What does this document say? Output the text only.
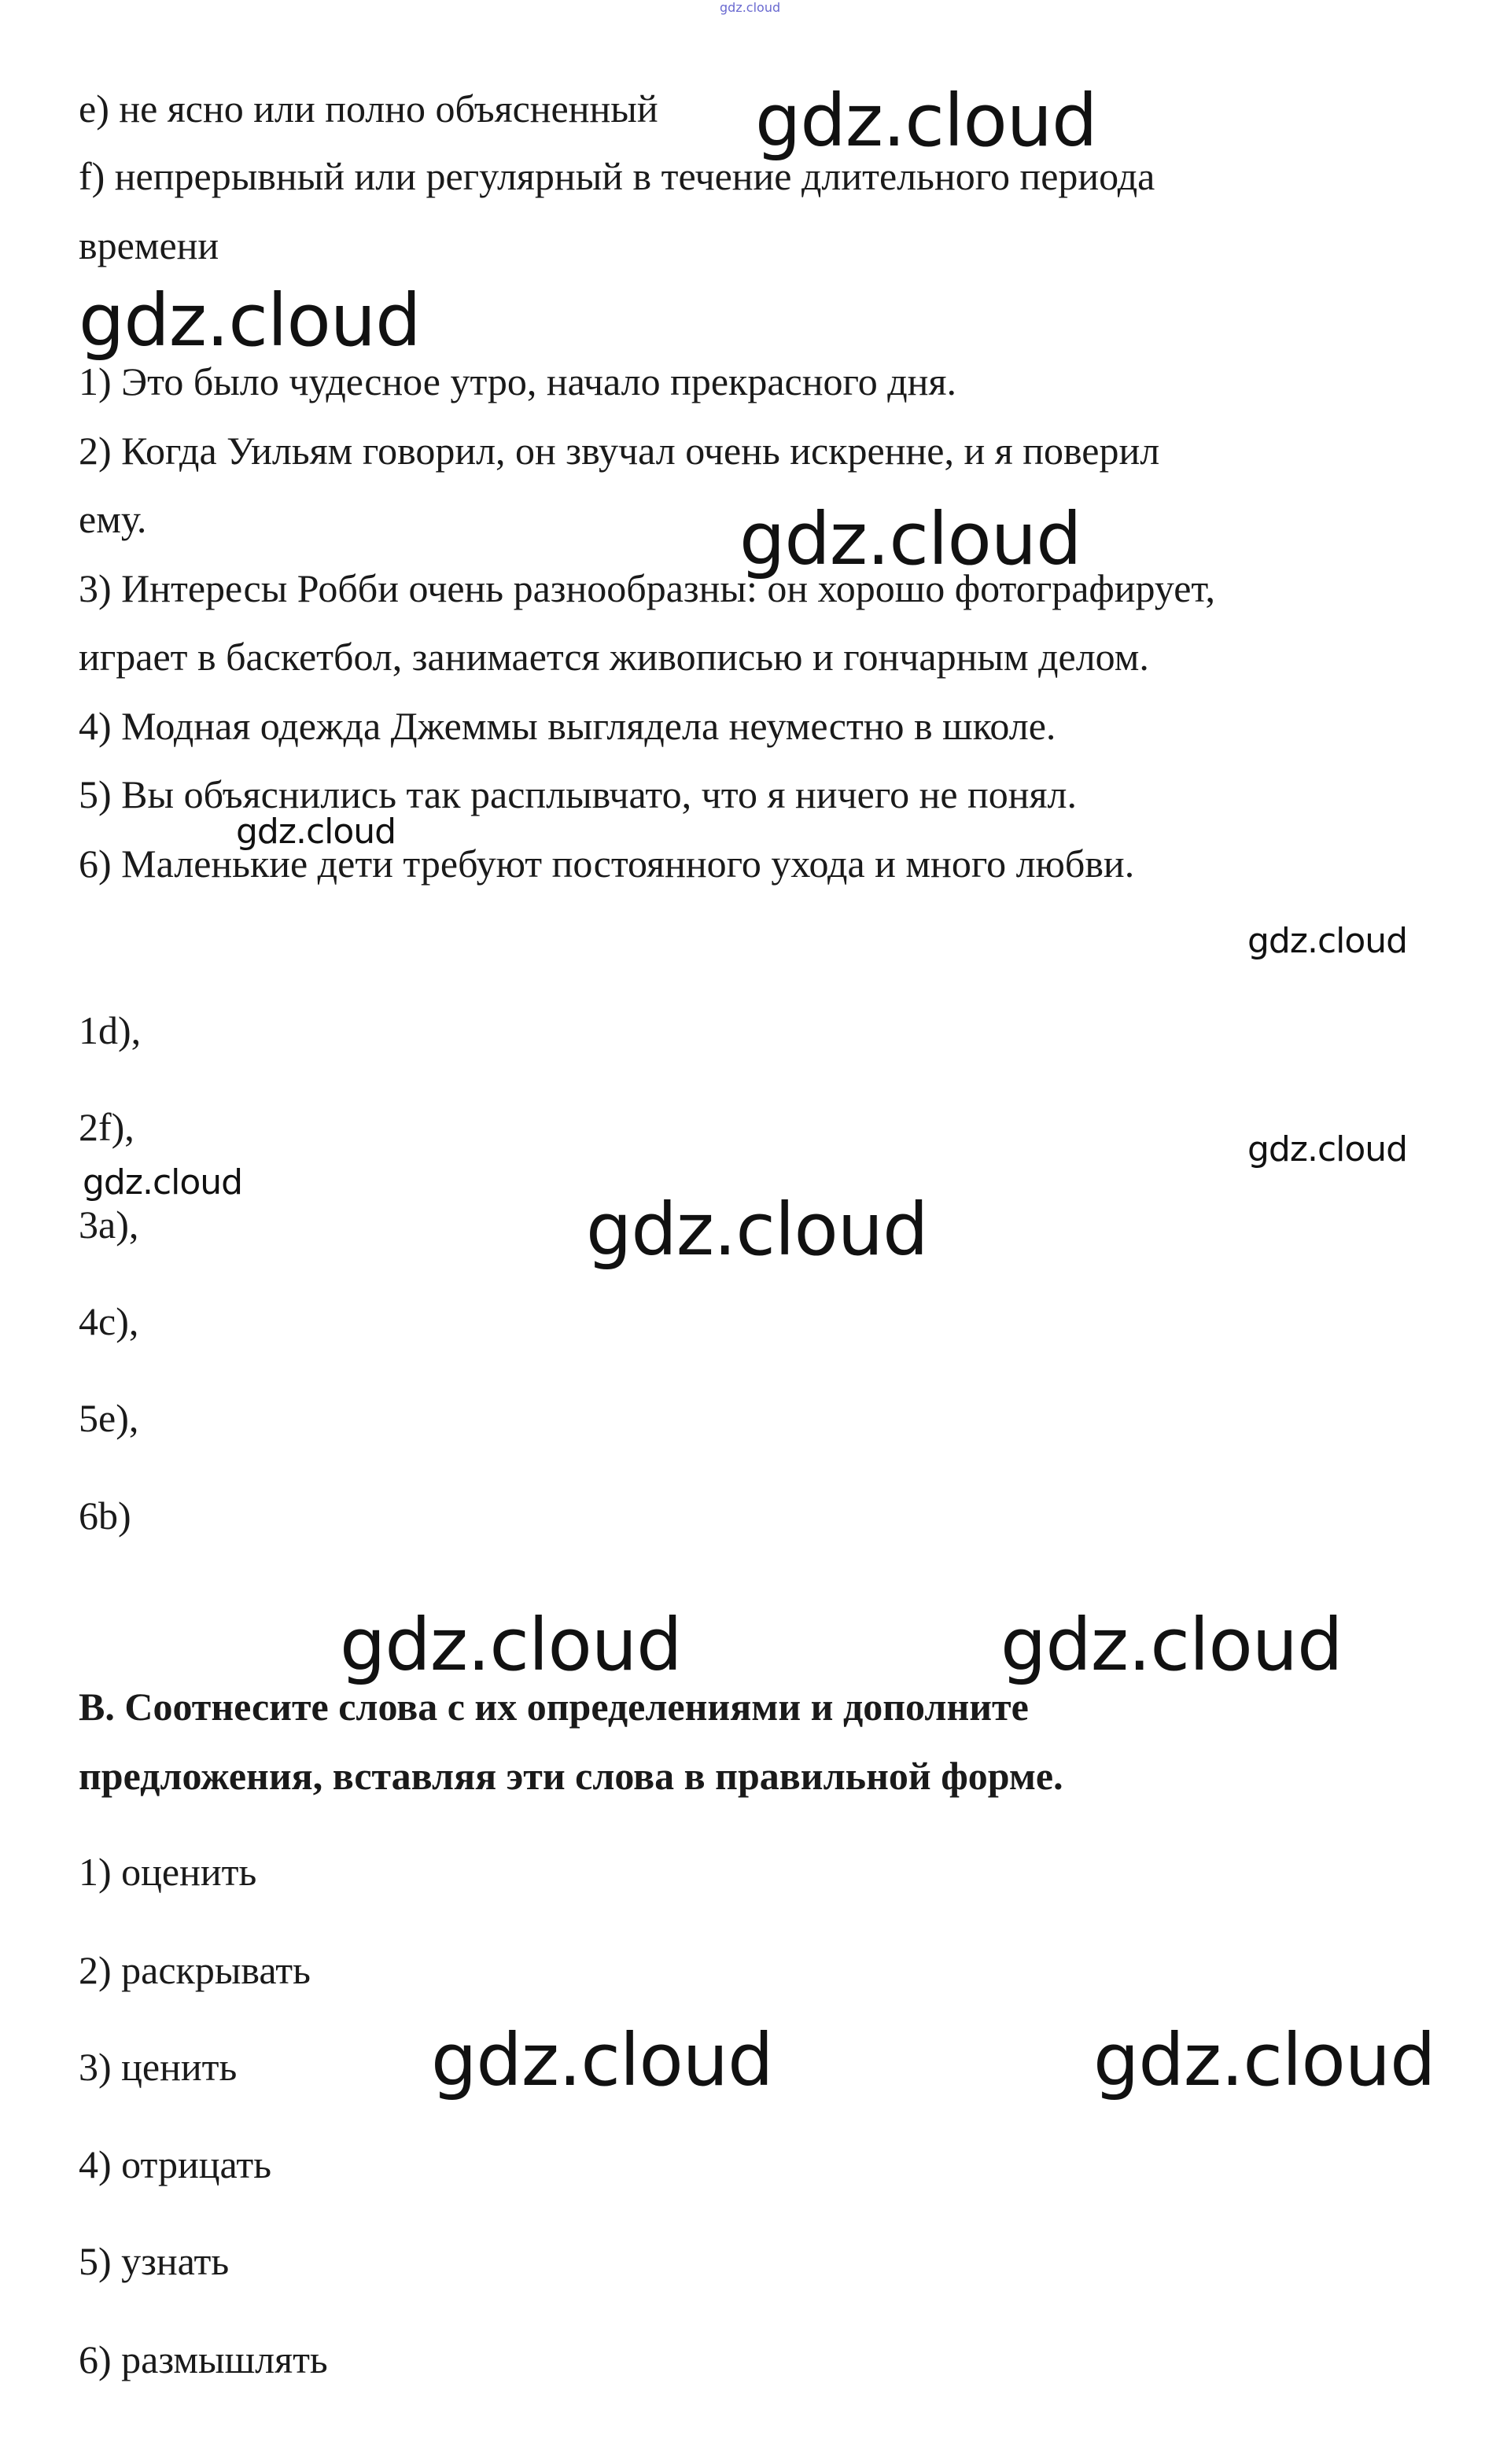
gdz.cloud

e) не ясно или полно объясненный

f) непрерывный или регулярный в течение длительного периода

времени

1) Это было чудесное утро, начало прекрасного дня.

2) Когда Уильям говорил, он звучал очень искренне, и я поверил

ему.

3) Интересы Робби очень разнообразны: он хорошо фотографирует,

играет в баскетбол, занимается живописью и гончарным делом.

4) Модная одежда Джеммы выглядела неуместно в школе.

5) Вы объяснились так расплывчато, что я ничего не понял.

6) Маленькие дети требуют постоянного ухода и много любви.

1d),

2f),

3a),

4c),

5e),

6b)

B. Соотнесите слова с их определениями и дополните

предложения, вставляя эти слова в правильной форме.

1) оценить

2) раскрывать

3) ценить

4) отрицать

5) узнать

6) размышлять

gdz.cloud
gdz.cloud
gdz.cloud
gdz.cloud
gdz.cloud
gdz.cloud
gdz.cloud
gdz.cloud
gdz.cloud	gdz.cloud
gdz.cloud	gdz.cloud
